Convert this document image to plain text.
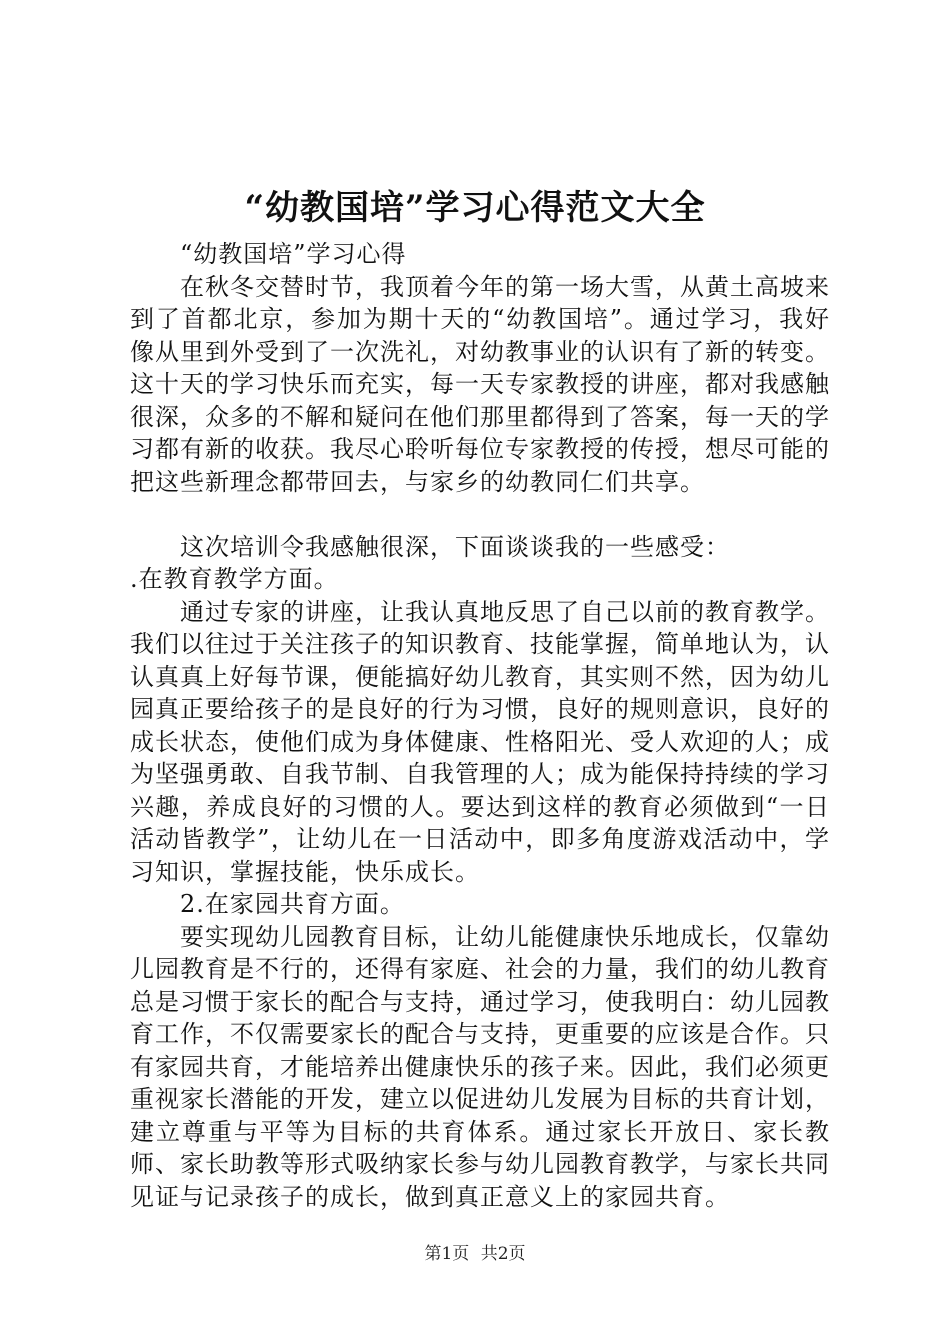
“幼教国培”学习心得范文大全

“幼教国培”学习心得

在秋冬交替时节，我顶着今年的第一场大雪，从黄土高坡来到了首都北京，参加为期十天的“幼教国培”。通过学习，我好像从里到外受到了一次洗礼，对幼教事业的认识有了新的转变。这十天的学习快乐而充实，每一天专家教授的讲座，都对我感触很深，众多的不解和疑问在他们那里都得到了答案，每一天的学习都有新的收获。我尽心聆听每位专家教授的传授，想尽可能的把这些新理念都带回去，与家乡的幼教同仁们共享。

这次培训令我感触很深，下面谈谈我的一些感受：

.在教育教学方面。

通过专家的讲座，让我认真地反思了自己以前的教育教学。我们以往过于关注孩子的知识教育、技能掌握，简单地认为，认认真真上好每节课，便能搞好幼儿教育，其实则不然，因为幼儿园真正要给孩子的是良好的行为习惯，良好的规则意识，良好的成长状态，使他们成为身体健康、性格阳光、受人欢迎的人；成为坚强勇敢、自我节制、自我管理的人；成为能保持持续的学习兴趣，养成良好的习惯的人。要达到这样的教育必须做到“一日活动皆教学”，让幼儿在一日活动中，即多角度游戏活动中，学习知识，掌握技能，快乐成长。

2.在家园共育方面。

要实现幼儿园教育目标，让幼儿能健康快乐地成长，仅靠幼儿园教育是不行的，还得有家庭、社会的力量，我们的幼儿教育总是习惯于家长的配合与支持，通过学习，使我明白：幼儿园教育工作，不仅需要家长的配合与支持，更重要的应该是合作。只有家园共育，才能培养出健康快乐的孩子来。因此，我们必须更重视家长潜能的开发，建立以促进幼儿发展为目标的共育计划，建立尊重与平等为目标的共育体系。通过家长开放日、家长教师、家长助教等形式吸纳家长参与幼儿园教育教学，与家长共同见证与记录孩子的成长，做到真正意义上的家园共育。

第1页 共2页
